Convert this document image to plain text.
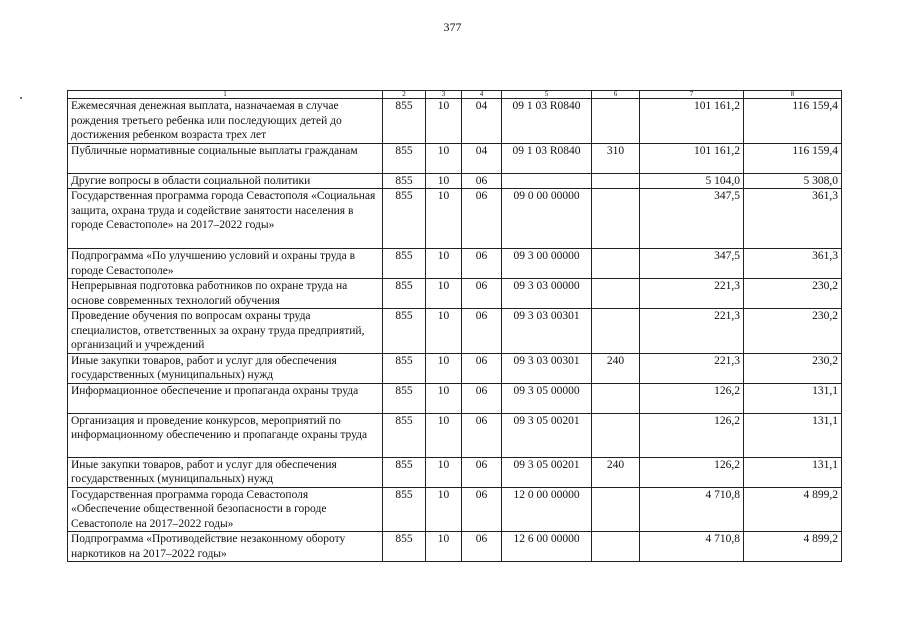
377
1	2	3	4	5	6	7	8
Ежемесячная денежная выплата, назначаемая в случае рождения третьего ребенка или последующих детей до достижения ребенком возраста трех лет	855	10	04	09 1 03 R0840		101 161,2	116 159,4
Публичные нормативные социальные выплаты гражданам	855	10	04	09 1 03 R0840	310	101 161,2	116 159,4
Другие вопросы в области социальной политики	855	10	06			5 104,0	5 308,0
Государственная программа города Севастополя «Социальная защита, охрана труда и содействие занятости населения в городе Севастополе» на 2017–2022 годы»	855	10	06	09 0 00 00000		347,5	361,3
Подпрограмма «По улучшению условий и охраны труда в городе Севастополе»	855	10	06	09 3 00 00000		347,5	361,3
Непрерывная подготовка работников по охране труда на основе современных технологий обучения	855	10	06	09 3 03 00000		221,3	230,2
Проведение обучения по вопросам охраны труда специалистов, ответственных за охрану труда предприятий, организаций и учреждений	855	10	06	09 3 03 00301		221,3	230,2
Иные закупки товаров, работ и услуг для обеспечения государственных (муниципальных) нужд	855	10	06	09 3 03 00301	240	221,3	230,2
Информационное обеспечение и пропаганда охраны труда	855	10	06	09 3 05 00000		126,2	131,1
Организация и проведение конкурсов, мероприятий по информационному обеспечению и пропаганде охраны труда	855	10	06	09 3 05 00201		126,2	131,1
Иные закупки товаров, работ и услуг для обеспечения государственных (муниципальных) нужд	855	10	06	09 3 05 00201	240	126,2	131,1
Государственная программа города Севастополя «Обеспечение общественной безопасности в городе Севастополе на 2017–2022 годы»	855	10	06	12 0 00 00000		4 710,8	4 899,2
Подпрограмма «Противодействие незаконному обороту наркотиков на 2017–2022 годы»	855	10	06	12 6 00 00000		4 710,8	4 899,2
